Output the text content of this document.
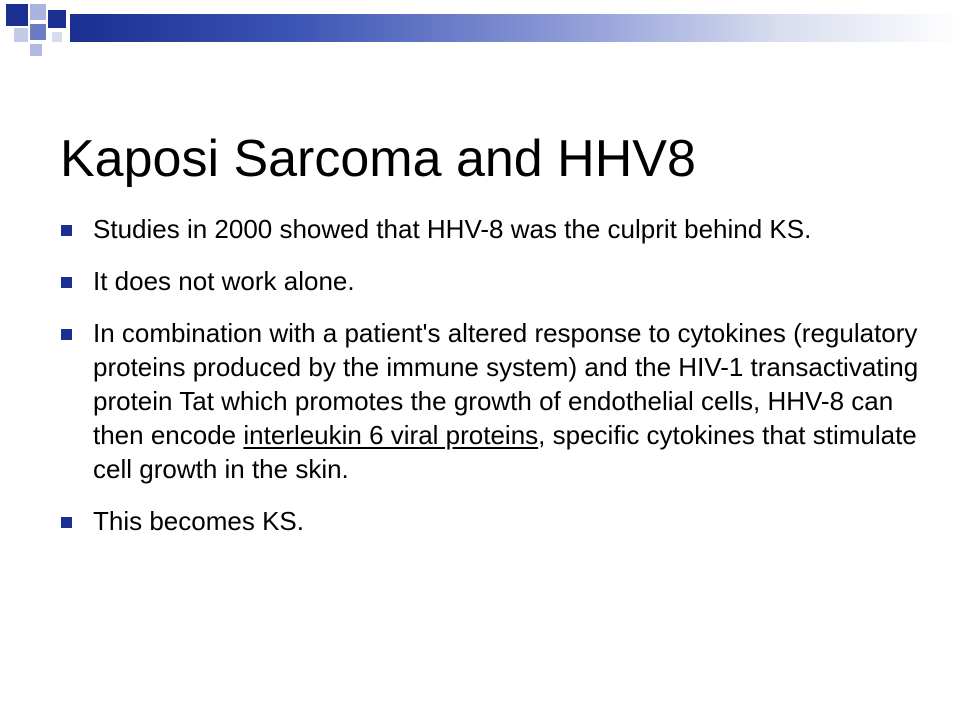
Kaposi Sarcoma and HHV8
Studies in 2000 showed that HHV-8 was the culprit behind KS.
It does not work alone.
In combination with a patient's altered response to cytokines (regulatory proteins produced by the immune system) and the HIV-1 transactivating protein Tat which promotes the growth of endothelial cells, HHV-8 can then encode interleukin 6 viral proteins, specific cytokines that stimulate cell growth in the skin.
This becomes KS.
